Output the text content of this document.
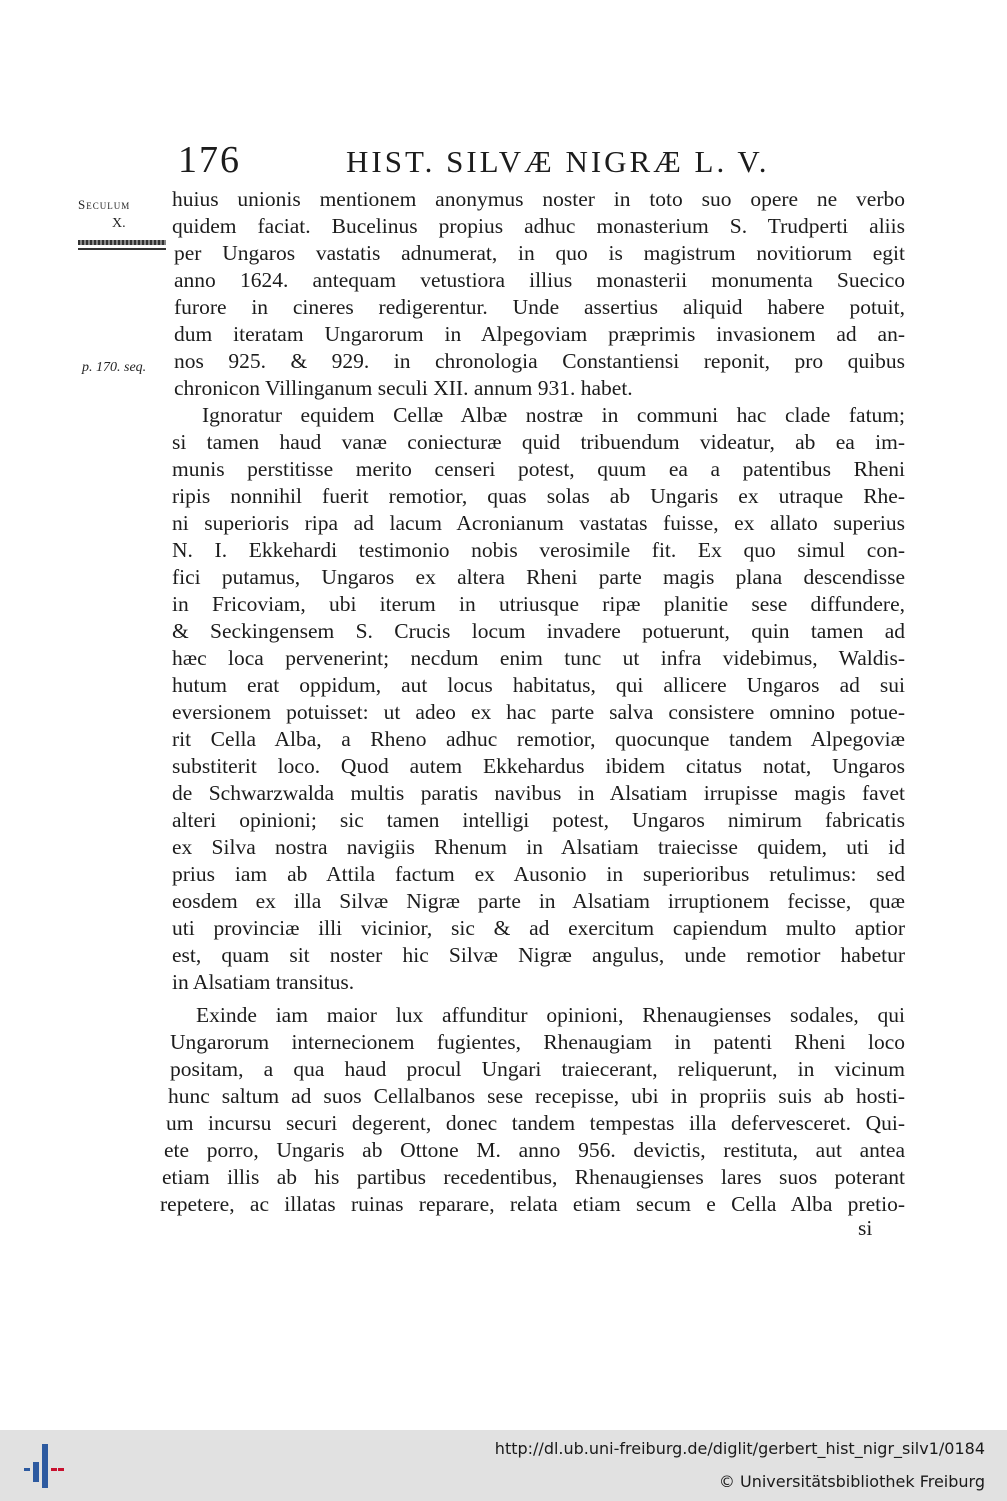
176	HIST. SILVÆ NIGRÆ L. V.
Seculum
X.
p. 170. seq.
huius unionis mentionem anonymus noster in toto suo opere ne verbo
quidem faciat. Bucelinus propius adhuc monasterium S. Trudperti aliis
per Ungaros vastatis adnumerat, in quo is magistrum novitiorum egit
anno 1624. antequam vetustiora illius monasterii monumenta Suecico
furore in cineres redigerentur. Unde assertius aliquid habere potuit,
dum iteratam Ungarorum in Alpegoviam præprimis invasionem ad an-
nos 925. & 929. in chronologia Constantiensi reponit, pro quibus
chronicon Villinganum seculi XII. annum 931. habet.
Ignoratur equidem Cellæ Albæ nostræ in communi hac clade fatum;
si tamen haud vanæ coniecturæ quid tribuendum videatur, ab ea im-
munis perstitisse merito censeri potest, quum ea a patentibus Rheni
ripis nonnihil fuerit remotior, quas solas ab Ungaris ex utraque Rhe-
ni superioris ripa ad lacum Acronianum vastatas fuisse, ex allato superius
N. I. Ekkehardi testimonio nobis verosimile fit. Ex quo simul con-
fici putamus, Ungaros ex altera Rheni parte magis plana descendisse
in Fricoviam, ubi iterum in utriusque ripæ planitie sese diffundere,
& Seckingensem S. Crucis locum invadere potuerunt, quin tamen ad
hæc loca pervenerint; necdum enim tunc ut infra videbimus, Waldis-
hutum erat oppidum, aut locus habitatus, qui allicere Ungaros ad sui
eversionem potuisset: ut adeo ex hac parte salva consistere omnino potue-
rit Cella Alba, a Rheno adhuc remotior, quocunque tandem Alpegoviæ
substiterit loco. Quod autem Ekkehardus ibidem citatus notat, Ungaros
de Schwarzwalda multis paratis navibus in Alsatiam irrupisse magis favet
alteri opinioni; sic tamen intelligi potest, Ungaros nimirum fabricatis
ex Silva nostra navigiis Rhenum in Alsatiam traiecisse quidem, uti id
prius iam ab Attila factum ex Ausonio in superioribus retulimus: sed
eosdem ex illa Silvæ Nigræ parte in Alsatiam irruptionem fecisse, quæ
uti provinciæ illi vicinior, sic & ad exercitum capiendum multo aptior
est, quam sit noster hic Silvæ Nigræ angulus, unde remotior habetur
in Alsatiam transitus.
Exinde iam maior lux affunditur opinioni, Rhenaugienses sodales, qui
Ungarorum internecionem fugientes, Rhenaugiam in patenti Rheni loco
positam, a qua haud procul Ungari traiecerant, reliquerunt, in vicinum
hunc saltum ad suos Cellalbanos sese recepisse, ubi in propriis suis ab hosti-
um incursu securi degerent, donec tandem tempestas illa defervesceret. Qui-
ete porro, Ungaris ab Ottone M. anno 956. devictis, restituta, aut antea
etiam illis ab his partibus recedentibus, Rhenaugienses lares suos poterant
repetere, ac illatas ruinas reparare, relata etiam secum e Cella Alba pretio-
si
http://dl.ub.uni-freiburg.de/diglit/gerbert_hist_nigr_silv1/0184
© Universitätsbibliothek Freiburg
